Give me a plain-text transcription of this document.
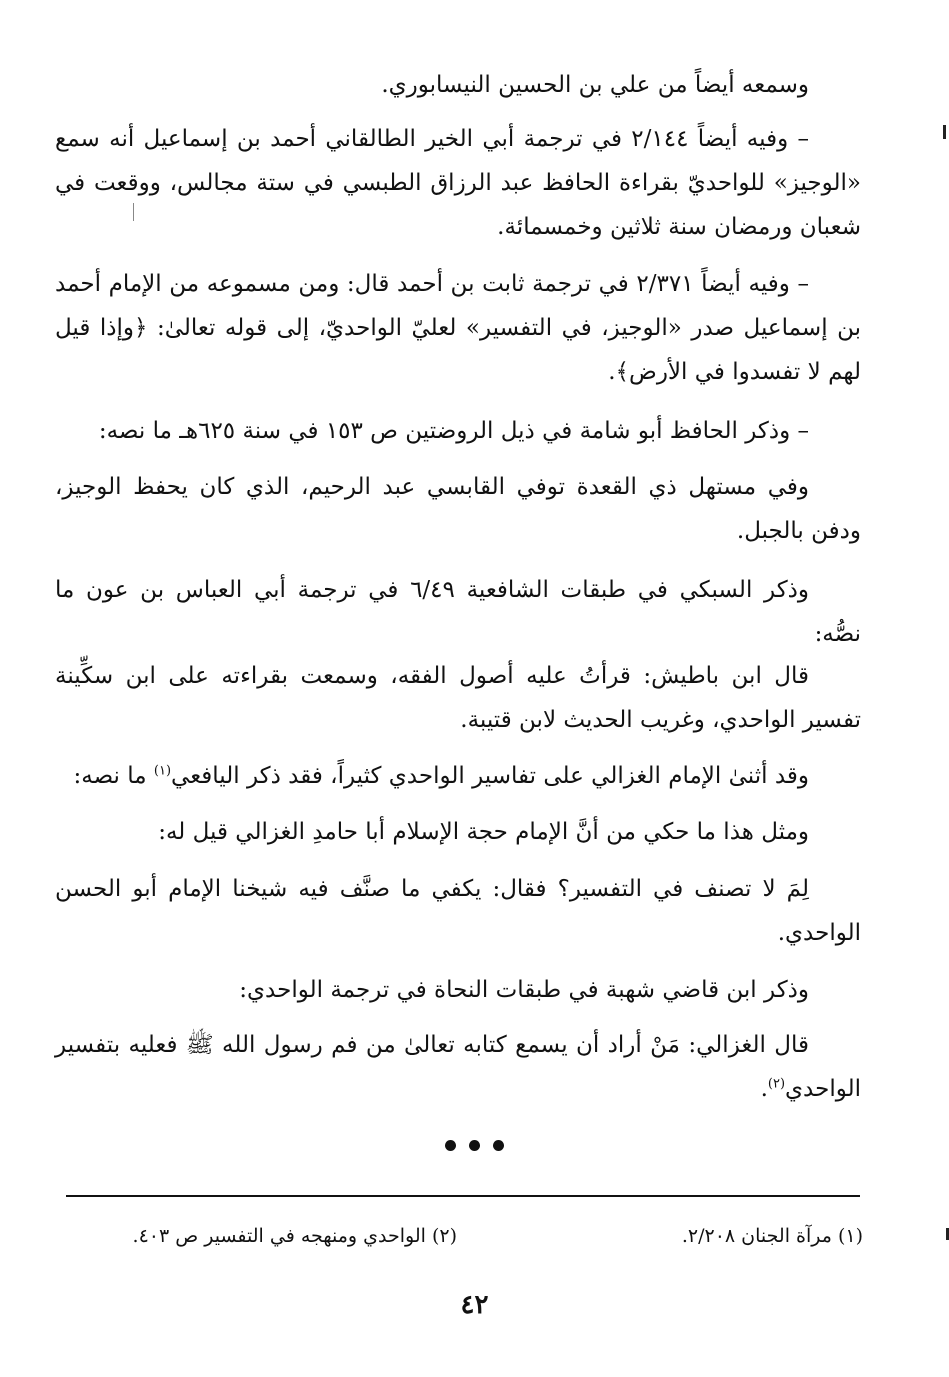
وسمعه أيضاً من علي بن الحسين النيسابوري.

– وفيه أيضاً ٢/١٤٤ في ترجمة أبي الخير الطالقاني أحمد بن إسماعيل أنه سمع «الوجيز» للواحديّ بقراءة الحافظ عبد الرزاق الطبسي في ستة مجالس، ووقعت في شعبان ورمضان سنة ثلاثين وخمسمائة.

– وفيه أيضاً ٢/٣٧١ في ترجمة ثابت بن أحمد قال: ومن مسموعه من الإمام أحمد بن إسماعيل صدر «الوجيز، في التفسير» لعليّ الواحديّ، إلى قوله تعالىٰ: ﴿وإذا قيل لهم لا تفسدوا في الأرض﴾.

– وذكر الحافظ أبو شامة في ذيل الروضتين ص ١٥٣ في سنة ٦٢٥هـ ما نصه:

وفي مستهل ذي القعدة توفي القابسي عبد الرحيم، الذي كان يحفظ الوجيز، ودفن بالجبل.

وذكر السبكي في طبقات الشافعية ٦/٤٩ في ترجمة أبي العباس بن عون ما نصُّه:

قال ابن باطيش: قرأتُ عليه أصول الفقه، وسمعت بقراءته على ابن سكِّينة تفسير الواحدي، وغريب الحديث لابن قتيبة.

وقد أثنىٰ الإمام الغزالي على تفاسير الواحدي كثيراً، فقد ذكر اليافعي$^{(١)}$ ما نصه:

ومثل هذا ما حكي من أنَّ الإمام حجة الإسلام أبا حامدِ الغزالي قيل له:

لِمَ لا تصنف في التفسير؟ فقال: يكفي ما صنَّف فيه شيخنا الإمام أبو الحسن الواحدي.

وذكر ابن قاضي شهبة في طبقات النحاة في ترجمة الواحدي:

قال الغزالي: مَنْ أراد أن يسمع كتابه تعالىٰ من فم رسول الله ﷺ فعليه بتفسير الواحدي$^{(٢)}$.

(١) مرآة الجنان ٢/٢٠٨.
(٢) الواحدي ومنهجه في التفسير ص ٤٠٣.
٤٢
